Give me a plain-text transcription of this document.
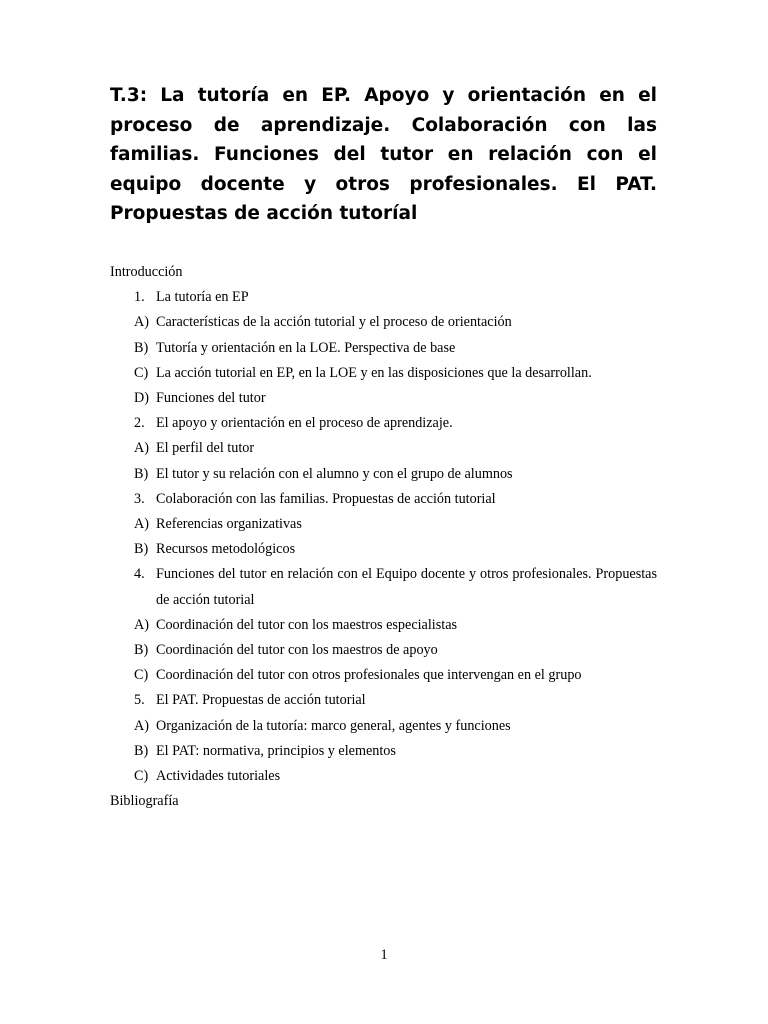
T.3: La tutoría en EP. Apoyo y orientación en el proceso de aprendizaje. Colaboración con las familias. Funciones del tutor en relación con el equipo docente y otros profesionales. El PAT. Propuestas de acción tutoríal

Introducción

1. La tutoría en EP
A) Características de la acción tutorial y el proceso de orientación
B) Tutoría y orientación en la LOE. Perspectiva de base
C) La acción tutorial en EP, en la LOE y en las disposiciones que la desarrollan.
D) Funciones del tutor
2. El apoyo y orientación en el proceso de aprendizaje.
A) El perfil del tutor
B) El tutor y su relación con el alumno y con el grupo de alumnos
3. Colaboración con las familias. Propuestas de acción tutorial
A) Referencias organizativas
B) Recursos metodológicos
4. Funciones del tutor en relación con el Equipo docente y otros profesionales. Propuestas de acción tutorial
A) Coordinación del tutor con los maestros especialistas
B) Coordinación del tutor con los maestros de apoyo
C) Coordinación del tutor con otros profesionales que intervengan en el grupo
5. El PAT. Propuestas de acción tutorial
A) Organización de la tutoría: marco general, agentes y funciones
B) El PAT: normativa, principios y elementos
C) Actividades tutoriales

Bibliografía

1
